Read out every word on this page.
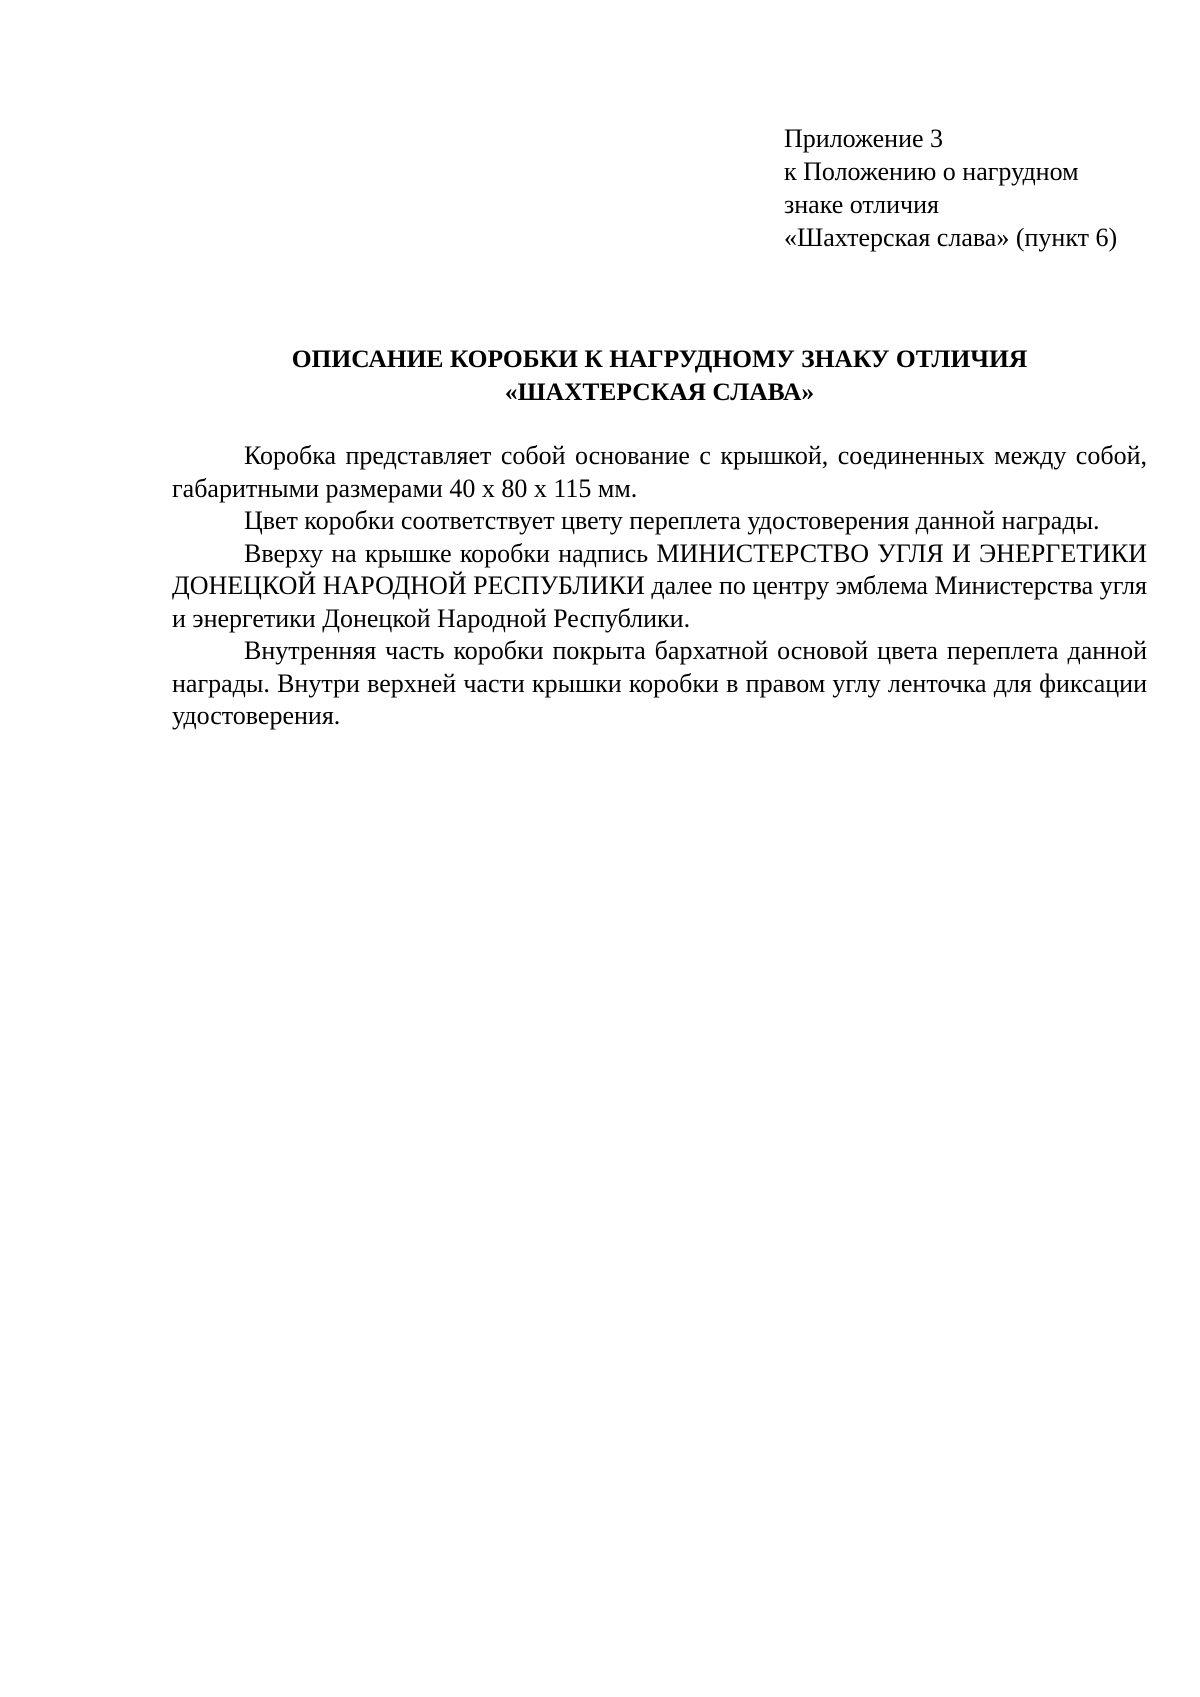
Приложение 3
к Положению о нагрудном
знаке отличия
«Шахтерская слава» (пункт 6)
ОПИСАНИЕ КОРОБКИ К НАГРУДНОМУ ЗНАКУ ОТЛИЧИЯ
«ШАХТЕРСКАЯ СЛАВА»

Коробка представляет собой основание с крышкой, соединенных между собой, габаритными размерами 40 х 80 х 115 мм.

Цвет коробки соответствует цвету переплета удостоверения данной награды.

Вверху на крышке коробки надпись МИНИСТЕРСТВО УГЛЯ И ЭНЕРГЕТИКИ ДОНЕЦКОЙ НАРОДНОЙ РЕСПУБЛИКИ далее по центру эмблема Министерства угля и энергетики Донецкой Народной Республики.

Внутренняя часть коробки покрыта бархатной основой цвета переплета данной награды. Внутри верхней части крышки коробки в правом углу ленточка для фиксации удостоверения.
